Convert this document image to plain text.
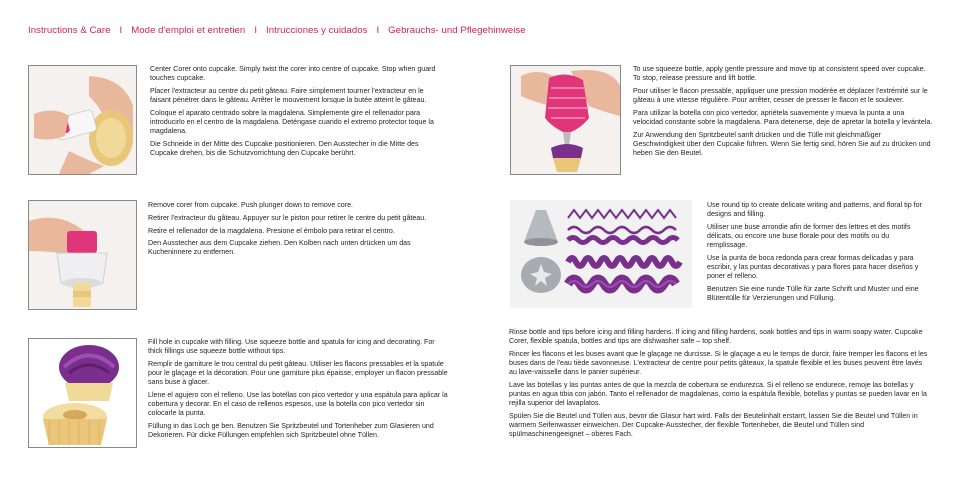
Instructions & Care I Mode d'emploi et entretien I Intrucciones y cuidados I Gebrauchs- und Pflegehinweise

Center Corer onto cupcake. Simply twist the corer into centre of cupcake. Stop when guard touches cupcake.

Placer l'extracteur au centre du petit gâteau. Faire simplement tourner l'extracteur en le faisant pénétrer dans le gâteau. Arrêter le mouvement lorsque la butée atteint le gâteau.

Coloque el aparato centrado sobre la magdalena. Simplemente gire el rellenador para introducirlo en el centro de la magdalena. Deténgase cuando el extremo protector toque la magdalena.

Die Schneide in der Mitte des Cupcake positionieren. Den Ausstecher in die Mitte des Cupcake drehen, bis die Schutzvorrichtung den Cupcake berührt.

Remove corer from cupcake. Push plunger down to remove core.

Retirer l'extracteur du gâteau. Appuyer sur le piston pour retirer le centre du petit gâteau.

Retire el rellenador de la magdalena. Presione el émbolo para retirar el centro.

Den Ausstecher aus dem Cupcake ziehen. Den Kolben nach unten drücken um das Kucheninnere zu entfernen.

Fill hole in cupcake with filling. Use squeeze bottle and spatula for icing and decorating. For thick fillings use squeeze bottle without tips.

Remplir de garniture le trou central du petit gâteau. Utiliser les flacons pressables et la spatule pour le glaçage et la décoration. Pour une garniture plus épaisse, employer un flacon pressable sans buse à glacer.

Llene el agujero con el relleno. Use las botellas con pico vertedor y una espátula para aplicar la cobertura y decorar. En el caso de rellenos espesos, use la botella con pico vertedor sin colocarle la punta.

Füllung in das Loch ge ben. Benutzen Sie Spritzbeutel und Tortenheber zum Glasieren und Dekorieren. Für dicke Füllungen empfehlen sich Spritzbeutel ohne Tüllen.

To use squeeze bottle, apply gentle pressure and move tip at consistent speed over cupcake. To stop, release pressure and lift bottle.

Pour utiliser le flacon pressable, appliquer une pression modérée et déplacer l'extrémité sur le gâteau à une vitesse régulière. Pour arrêter, cesser de presser le flacon et le soulever.

Para utilizar la botella con pico vertedor, apriétela suavemente y mueva la punta a una velocidad constante sobre la magdalena. Para detenerse, deje de apretar la botella y levántela.

Zur Anwendung den Spritzbeutel sanft drücken und die Tülle mit gleichmäßiger Geschwindigkeit über den Cupcake führen. Wenn Sie fertig sind, hören Sie auf zu drücken und heben Sie den Beutel.

Use round tip to create delicate writing and patterns, and floral tip for designs and filling.

Utiliser une buse arrondie afin de former des lettres et des motifs délicats, ou encore une buse florale pour des motifs ou du remplissage.

Use la punta de boca redonda para crear formas delicadas y para escribir, y las puntas decorativas y para flores para hacer diseños y poner el relleno.

Benutzen Sie eine runde Tülle für zarte Schrift und Muster und eine Blütentülle für Verzierungen und Füllung.

Rinse bottle and tips before icing and filling hardens. If icing and filling hardens, soak bottles and tips in warm soapy water. Cupcake Corer, flexible spatula, bottles and tips are dishwasher safe – top shelf.

Rincer les flacons et les buses avant que le glaçage ne durcisse. Si le glaçage a eu le temps de durcir, faire tremper les flacons et les buses dans de l'eau tiède savonneuse. L'extracteur de centre pour petits gâteaux, la spatule flexible et les buses peuvent être lavés au lave-vaisselle dans le panier supérieur.

Lave las botellas y las puntas antes de que la mezcla de cobertura se endurezca. Si el relleno se endurece, remoje las botellas y puntas en agua tibia con jabón. Tanto el rellenador de magdalenas, como la espátula flexible, botellas y puntas se pueden lavar en la rejilla superior del lavaplatos.

Spülen Sie die Beutel und Tüllen aus, bevor die Glasur hart wird. Falls der Beutelinhalt erstarrt, lassen Sie die Beutel und Tüllen in warmem Seifenwasser einweichen. Der Cupcake-Ausstecher, der flexible Tortenheber, die Beutel und Tüllen sind spülmaschinengeeignet – oberes Fach.
